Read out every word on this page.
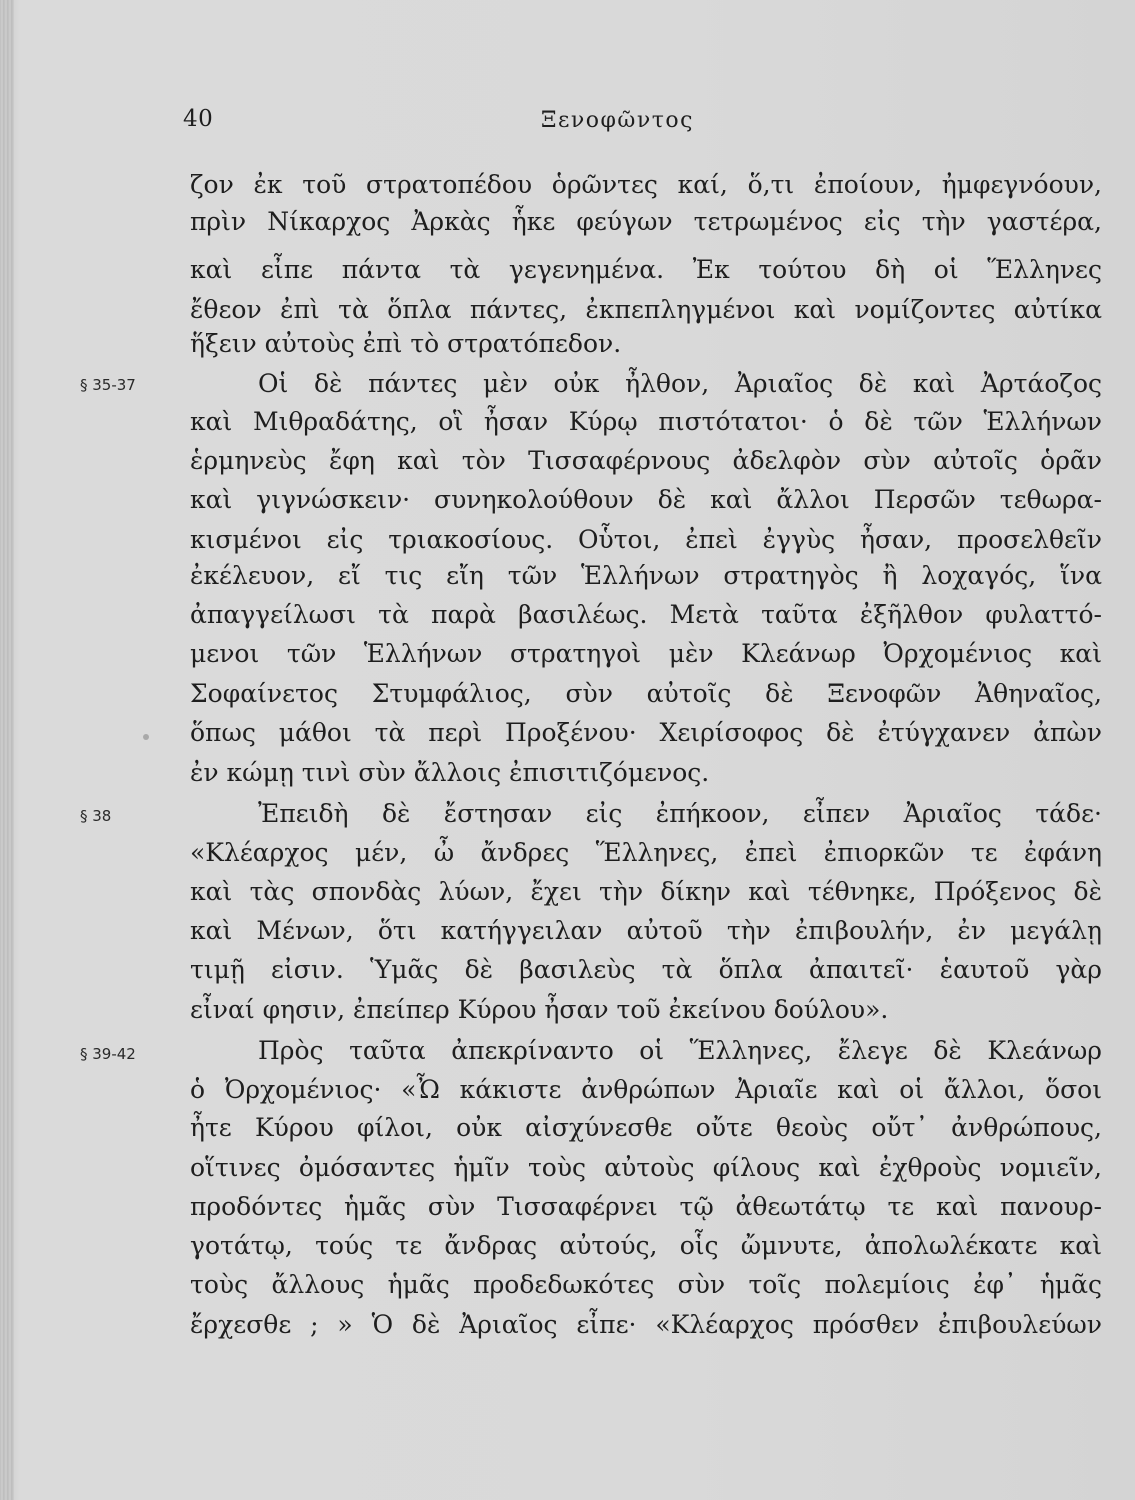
40	Ξενοφῶντος
§ 35-37
§ 38
§ 39-42
ζον ἐκ τοῦ στρατοπέδου ὁρῶντες καί, ὅ,τι ἐποίουν, ἠμφεγνόουν,
πρὶν Νίκαρχος Ἀρκὰς ἧκε φεύγων τετρωμένος εἰς τὴν γαστέρα,
καὶ εἶπε πάντα τὰ γεγενημένα. Ἐκ τούτου δὴ οἱ Ἕλληνες
ἔθεον ἐπὶ τὰ ὅπλα πάντες, ἐκπεπληγμένοι καὶ νομίζοντες αὐτίκα
ἥξειν αὐτοὺς ἐπὶ τὸ στρατόπεδον.
Οἱ δὲ πάντες μὲν οὐκ ἦλθον, Ἀριαῖος δὲ καὶ Ἀρτάοζος
καὶ Μιθραδάτης, οἳ ἦσαν Κύρῳ πιστότατοι· ὁ δὲ τῶν Ἑλλήνων
ἑρμηνεὺς ἔφη καὶ τὸν Τισσαφέρνους ἀδελφὸν σὺν αὐτοῖς ὁρᾶν
καὶ γιγνώσκειν· συνηκολούθουν δὲ καὶ ἄλλοι Περσῶν τεθωρα-
κισμένοι εἰς τριακοσίους. Οὗτοι, ἐπεὶ ἐγγὺς ἦσαν, προσελθεῖν
ἐκέλευον, εἴ τις εἴη τῶν Ἑλλήνων στρατηγὸς ἢ λοχαγός, ἵνα
ἀπαγγείλωσι τὰ παρὰ βασιλέως. Μετὰ ταῦτα ἐξῆλθον φυλαττό-
μενοι τῶν Ἑλλήνων στρατηγοὶ μὲν Κλεάνωρ Ὀρχομένιος καὶ
Σοφαίνετος Στυμφάλιος, σὺν αὐτοῖς δὲ Ξενοφῶν Ἀθηναῖος,
ὅπως μάθοι τὰ περὶ Προξένου· Χειρίσοφος δὲ ἐτύγχανεν ἀπὼν
ἐν κώμῃ τινὶ σὺν ἄλλοις ἐπισιτιζόμενος.
Ἐπειδὴ δὲ ἔστησαν εἰς ἐπήκοον, εἶπεν Ἀριαῖος τάδε·
«Κλέαρχος μέν, ὦ ἄνδρες Ἕλληνες, ἐπεὶ ἐπιορκῶν τε ἐφάνη
καὶ τὰς σπονδὰς λύων, ἔχει τὴν δίκην καὶ τέθνηκε, Πρόξενος δὲ
καὶ Μένων, ὅτι κατήγγειλαν αὐτοῦ τὴν ἐπιβουλήν, ἐν μεγάλῃ
τιμῇ εἰσιν. Ὑμᾶς δὲ βασιλεὺς τὰ ὅπλα ἀπαιτεῖ· ἑαυτοῦ γὰρ
εἶναί φησιν, ἐπείπερ Κύρου ἦσαν τοῦ ἐκείνου δούλου».
Πρὸς ταῦτα ἀπεκρίναντο οἱ Ἕλληνες, ἔλεγε δὲ Κλεάνωρ
ὁ Ὀρχομένιος· «Ὦ κάκιστε ἀνθρώπων Ἀριαῖε καὶ οἱ ἄλλοι, ὅσοι
ἦτε Κύρου φίλοι, οὐκ αἰσχύνεσθε οὔτε θεοὺς οὔτ᾽ ἀνθρώπους,
οἵτινες ὀμόσαντες ἡμῖν τοὺς αὐτοὺς φίλους καὶ ἐχθροὺς νομιεῖν,
προδόντες ἡμᾶς σὺν Τισσαφέρνει τῷ ἀθεωτάτῳ τε καὶ πανουρ-
γοτάτῳ, τούς τε ἄνδρας αὐτούς, οἷς ὤμνυτε, ἀπολωλέκατε καὶ
τοὺς ἄλλους ἡμᾶς προδεδωκότες σὺν τοῖς πολεμίοις ἐφ᾽ ἡμᾶς
ἔρχεσθε ; » Ὁ δὲ Ἀριαῖος εἶπε· «Κλέαρχος πρόσθεν ἐπιβουλεύων
